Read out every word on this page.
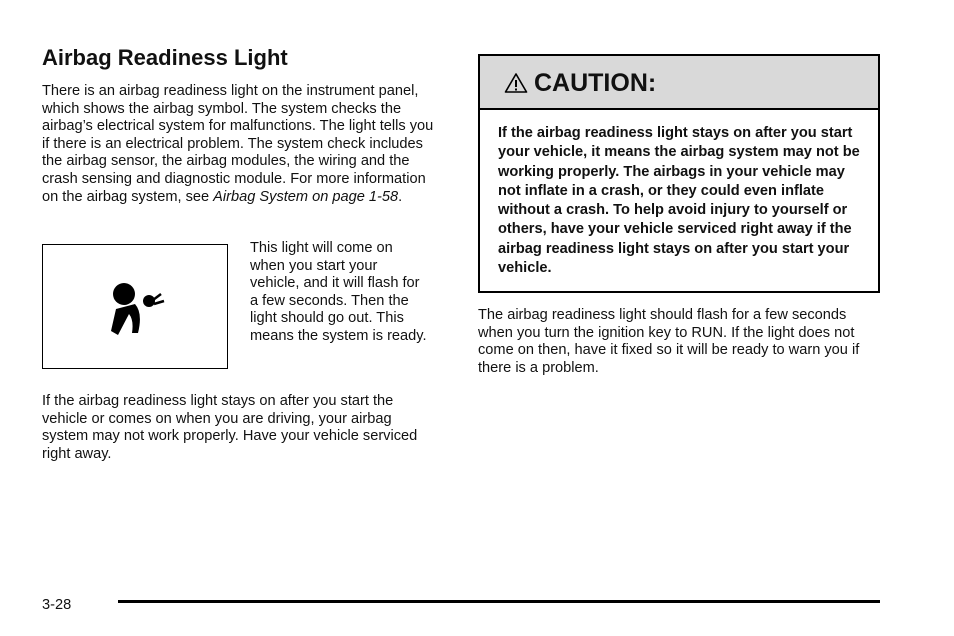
Airbag Readiness Light

There is an airbag readiness light on the instrument panel, which shows the airbag symbol. The system checks the airbag’s electrical system for malfunctions. The light tells you if there is an electrical problem. The system check includes the airbag sensor, the airbag modules, the wiring and the crash sensing and diagnostic module. For more information on the airbag system, see Airbag System on page 1-58.

This light will come on when you start your vehicle, and it will flash for a few seconds. Then the light should go out. This means the system is ready.

If the airbag readiness light stays on after you start the vehicle or comes on when you are driving, your airbag system may not work properly. Have your vehicle serviced right away.

CAUTION:

If the airbag readiness light stays on after you start your vehicle, it means the airbag system may not be working properly. The airbags in your vehicle may not inflate in a crash, or they could even inflate without a crash. To help avoid injury to yourself or others, have your vehicle serviced right away if the airbag readiness light stays on after you start your vehicle.

The airbag readiness light should flash for a few seconds when you turn the ignition key to RUN. If the light does not come on then, have it fixed so it will be ready to warn you if there is a problem.

3-28
